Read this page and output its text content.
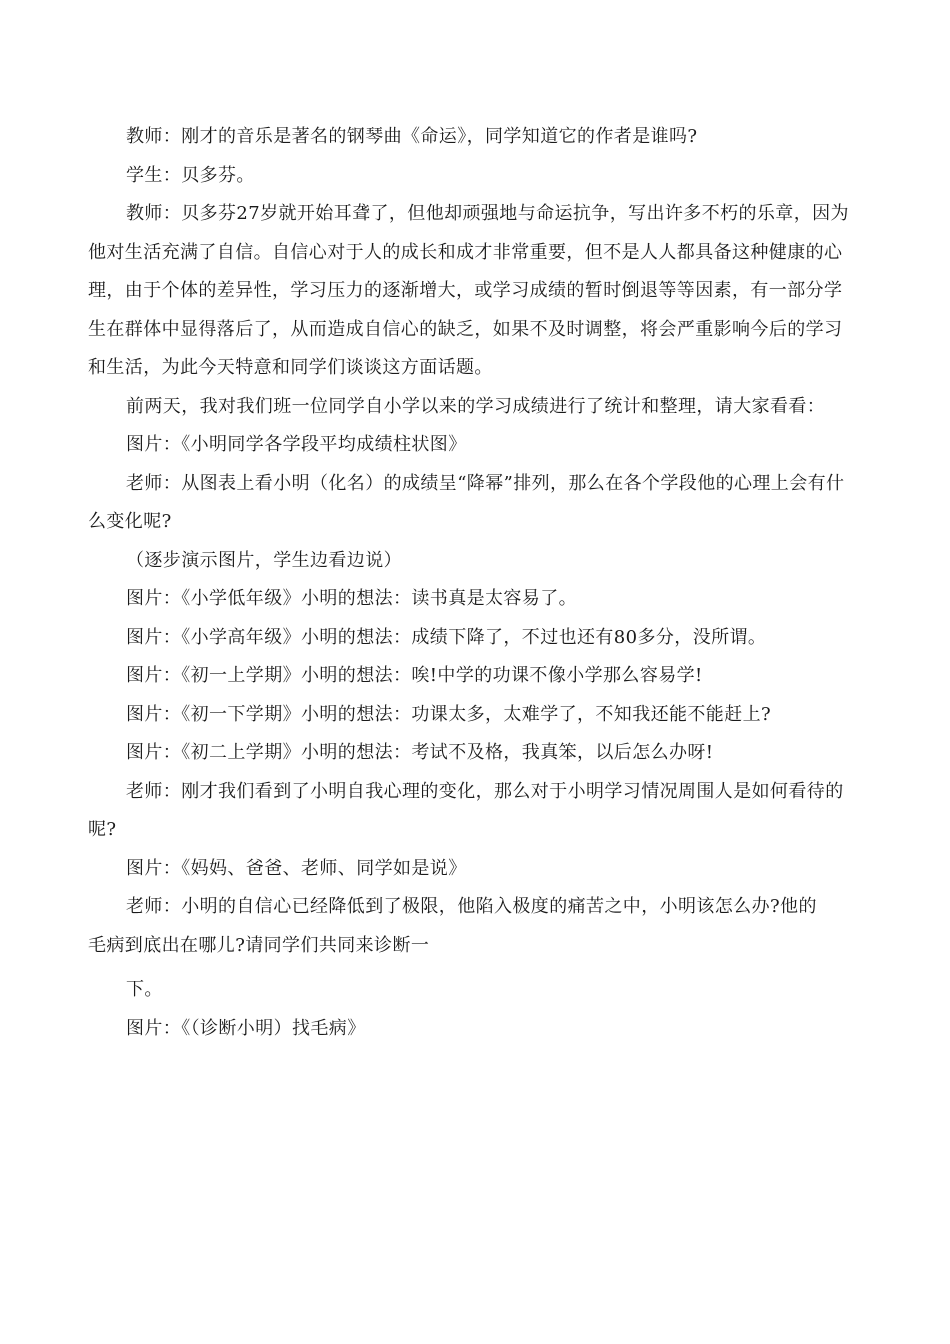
教师：刚才的音乐是著名的钢琴曲《命运》，同学知道它的作者是谁吗?

学生：贝多芬。

教师：贝多芬27岁就开始耳聋了，但他却顽强地与命运抗争，写出许多不朽的乐章，因为他对生活充满了自信。自信心对于人的成长和成才非常重要，但不是人人都具备这种健康的心理，由于个体的差异性，学习压力的逐渐增大，或学习成绩的暂时倒退等等因素，有一部分学生在群体中显得落后了，从而造成自信心的缺乏，如果不及时调整，将会严重影响今后的学习和生活，为此今天特意和同学们谈谈这方面话题。

前两天，我对我们班一位同学自小学以来的学习成绩进行了统计和整理，请大家看看：

图片：《小明同学各学段平均成绩柱状图》

老师：从图表上看小明（化名）的成绩呈“降幂”排列，那么在各个学段他的心理上会有什么变化呢?

（逐步演示图片，学生边看边说）

图片：《小学低年级》小明的想法：读书真是太容易了。

图片：《小学高年级》小明的想法：成绩下降了，不过也还有80多分，没所谓。

图片：《初一上学期》小明的想法：唉!中学的功课不像小学那么容易学!

图片：《初一下学期》小明的想法：功课太多，太难学了，不知我还能不能赶上?

图片：《初二上学期》小明的想法：考试不及格，我真笨，以后怎么办呀!

老师：刚才我们看到了小明自我心理的变化，那么对于小明学习情况周围人是如何看待的呢?

图片：《妈妈、爸爸、老师、同学如是说》

老师：小明的自信心已经降低到了极限，他陷入极度的痛苦之中，小明该怎么办?他的毛病到底出在哪儿?请同学们共同来诊断一

下。

图片：《（诊断小明）找毛病》
